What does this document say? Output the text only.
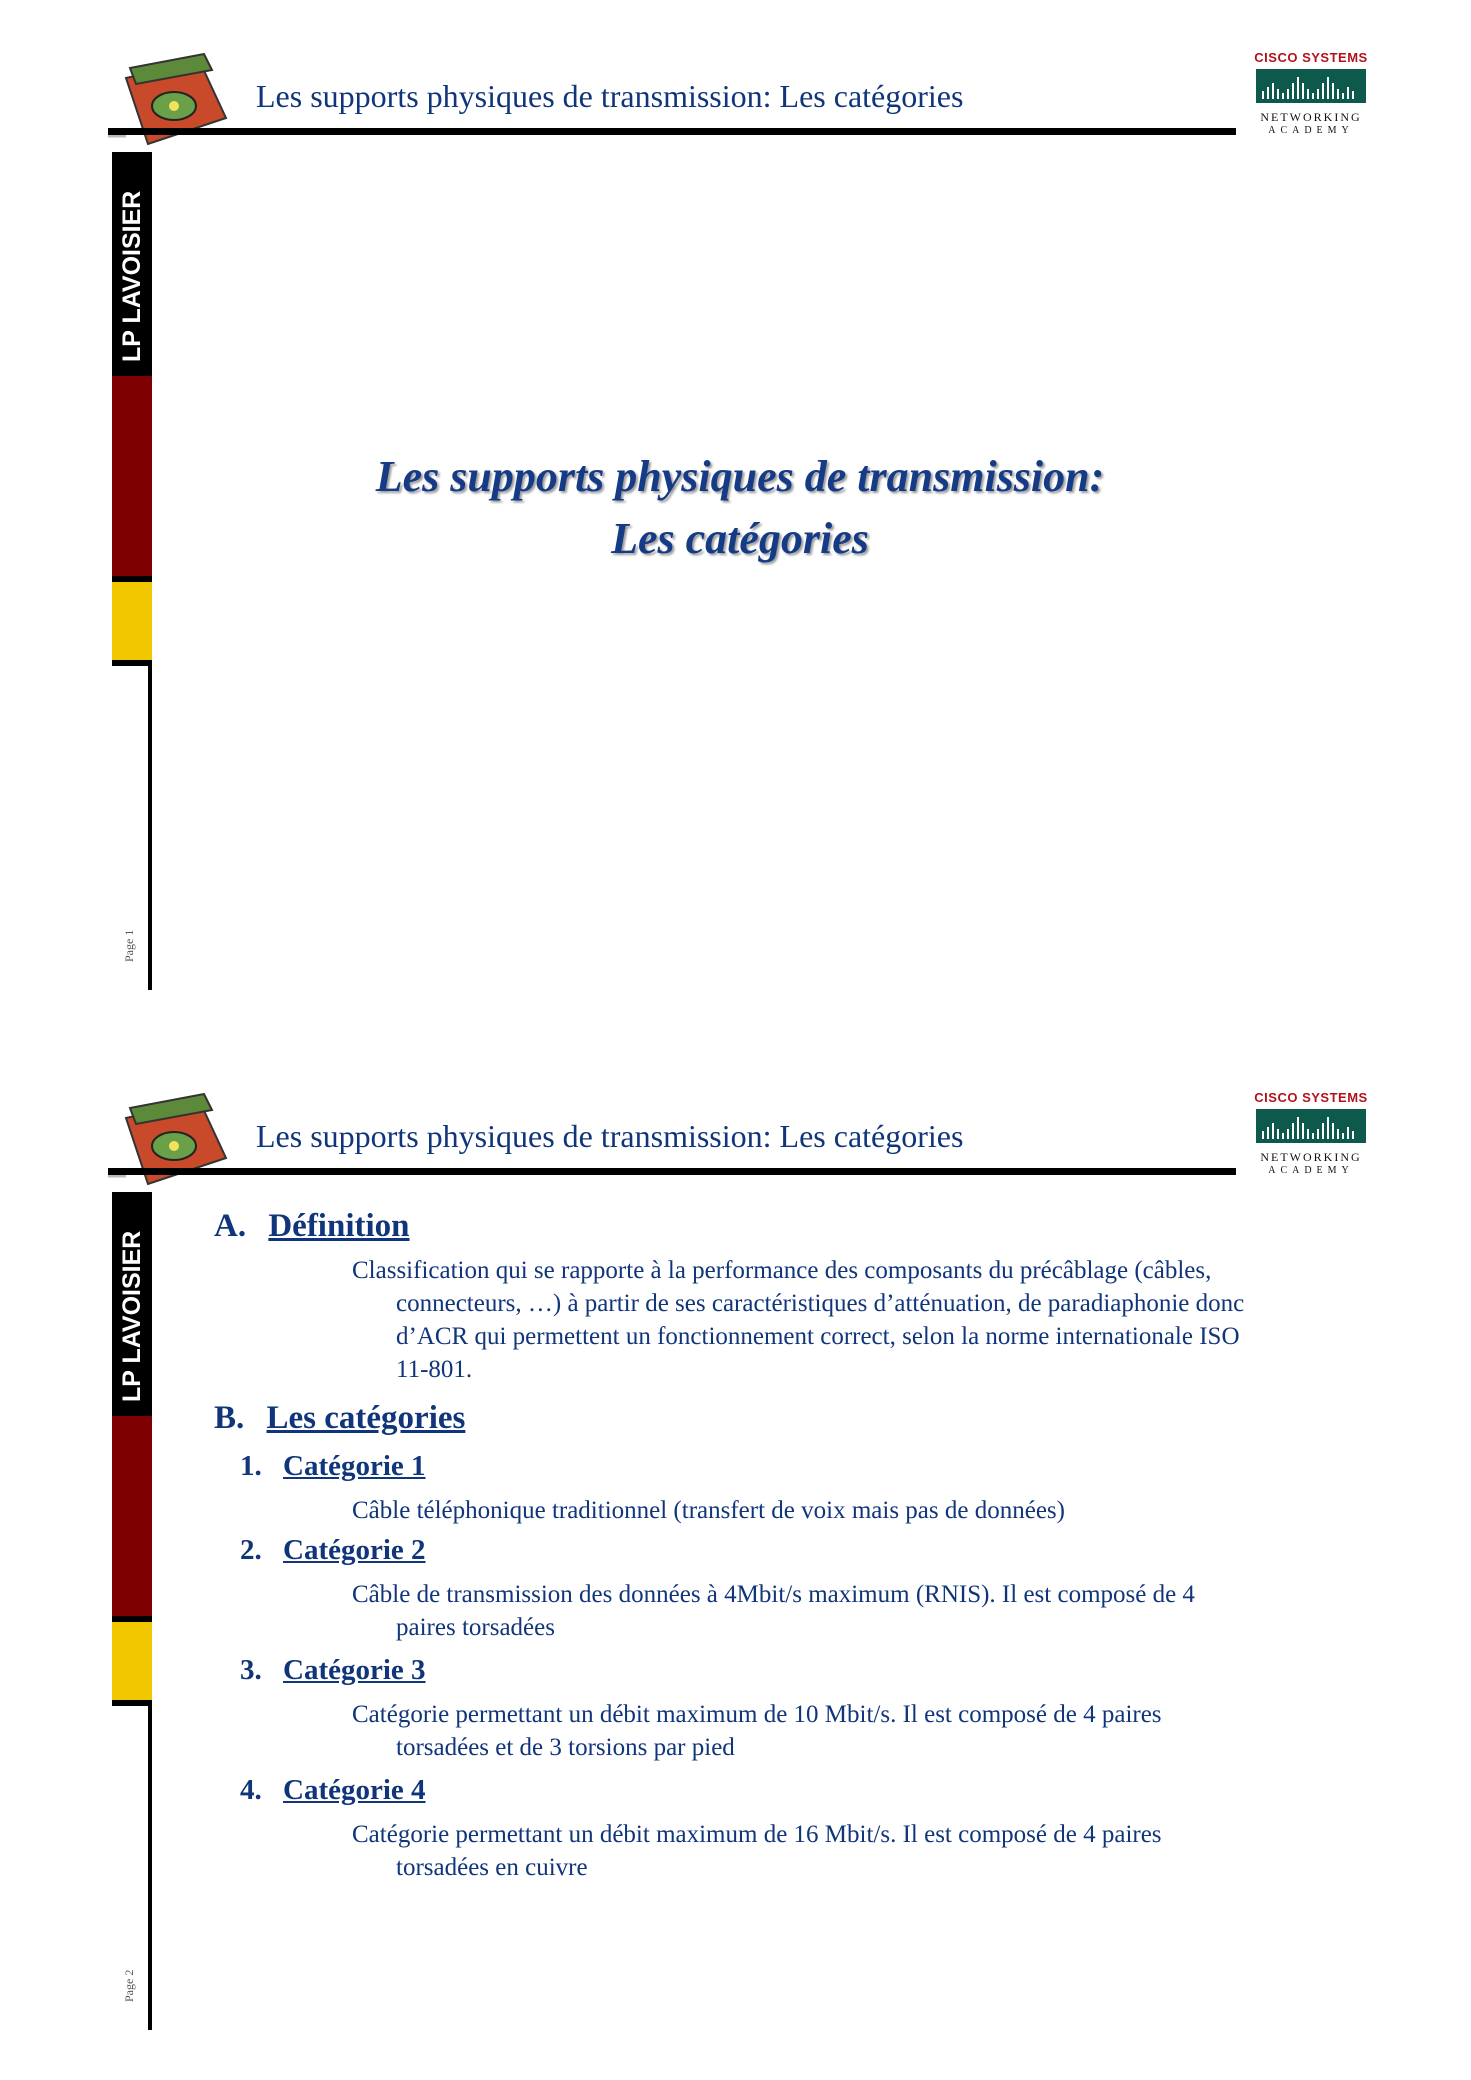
Les supports physiques de transmission: Les catégories
CISCO SYSTEMS
NETWORKING
ACADEMY
LP LAVOISIER
Page 1
Les supports physiques de transmission:
Les catégories
Les supports physiques de transmission: Les catégories
CISCO SYSTEMS
NETWORKING
ACADEMY
LP LAVOISIER
Page 2
A. Définition

Classification qui se rapporte à la performance des composants du précâblage (câbles, connecteurs, …) à partir de ses caractéristiques d’atténuation, de paradiaphonie donc d’ACR qui permettent un fonctionnement correct, selon la norme internationale ISO 11-801.

B. Les catégories
1. Catégorie 1

Câble téléphonique traditionnel (transfert de voix mais pas de données)

2. Catégorie 2

Câble de transmission des données à 4Mbit/s maximum (RNIS). Il est composé de 4 paires torsadées

3. Catégorie 3

Catégorie permettant un débit maximum de 10 Mbit/s. Il est composé de 4 paires torsadées et de 3 torsions par pied

4. Catégorie 4

Catégorie permettant un débit maximum de 16 Mbit/s. Il est composé de 4 paires torsadées en cuivre
